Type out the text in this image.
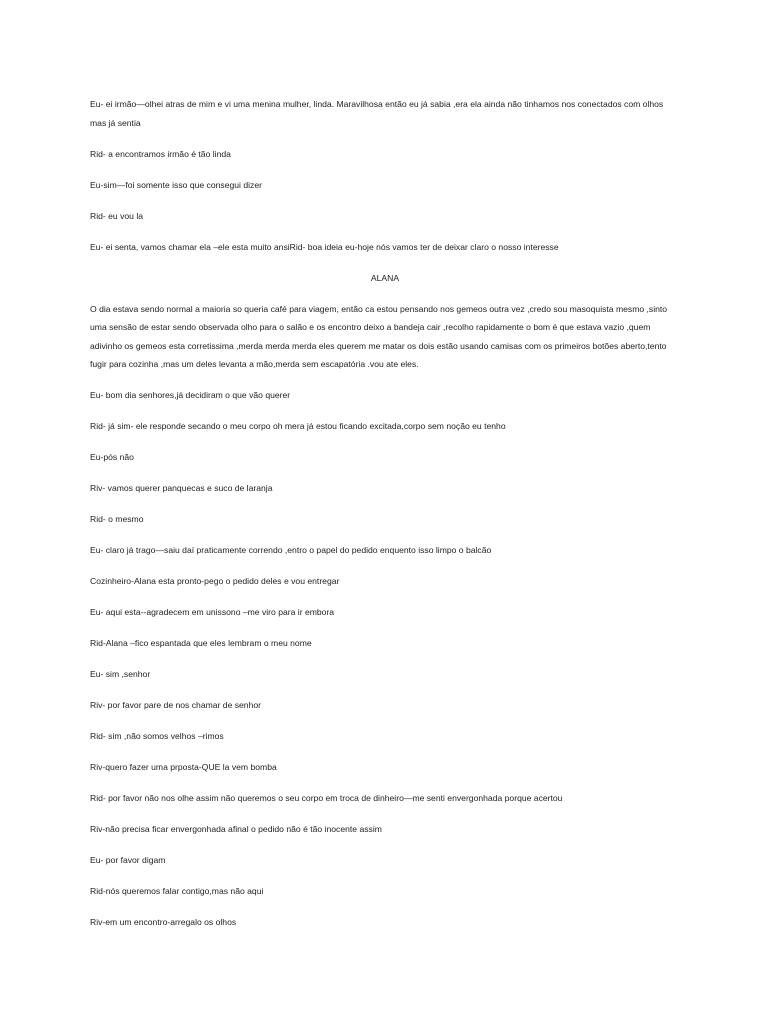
Eu- ei irmão—olhei atras de mim e vi uma menina mulher, linda. Maravilhosa então eu já sabia ,era ela ainda não tinhamos nos conectados com olhos mas já sentia

Rid- a encontramos irmão é tão linda

Eu-sim—foi somente isso que consegui dizer

Rid- eu vou la

Eu- ei senta, vamos chamar ela –ele esta muito ansiRid- boa ideia eu-hoje nós vamos ter de deixar claro o nosso interesse

ALANA

O dia estava sendo normal a maioria so queria café para viagem, então ca estou pensando nos gemeos outra vez ,credo sou masoquista mesmo ,sinto uma sensão de estar sendo observada olho para o salão e os encontro deixo a bandeja cair ,recolho rapidamente o bom é que estava vazio ,quem adivinho os gemeos esta corretissima ,merda merda merda eles querem me matar os dois estão usando camisas com os primeiros botões aberto,tento fugir para cozinha ,mas um deles levanta a mão,merda sem escapatória .vou ate eles.

Eu- bom dia senhores,já decidiram o que vão querer

Rid- já sim- ele responde secando o meu corpo oh mera já estou ficando excitada,corpo sem noção eu tenho

Eu-pós não

Riv- vamos querer panquecas e suco de laranja

Rid- o mesmo

Eu- claro já trago—saiu daí praticamente correndo ,entro o papel do pedido enquento isso limpo o balcão

Cozinheiro-Alana esta pronto-pego o pedido deles e vou entregar

Eu- aqui esta--agradecem em unissono –me viro para ir embora

Rid-Alana –fico espantada que eles lembram o meu nome

Eu- sim ,senhor

Riv- por favor pare de nos chamar de senhor

Rid- sim ,não somos velhos –rimos

Riv-quero fazer uma prposta-QUE la vem bomba

Rid- por favor não nos olhe assim não queremos o seu corpo em troca de dinheiro—me senti envergonhada porque acertou

Riv-não precisa ficar envergonhada afinal o pedido não é tão inocente assim

Eu- por favor digam

Rid-nós queremos falar contigo,mas não aqui

Riv-em um encontro-arregalo os olhos
